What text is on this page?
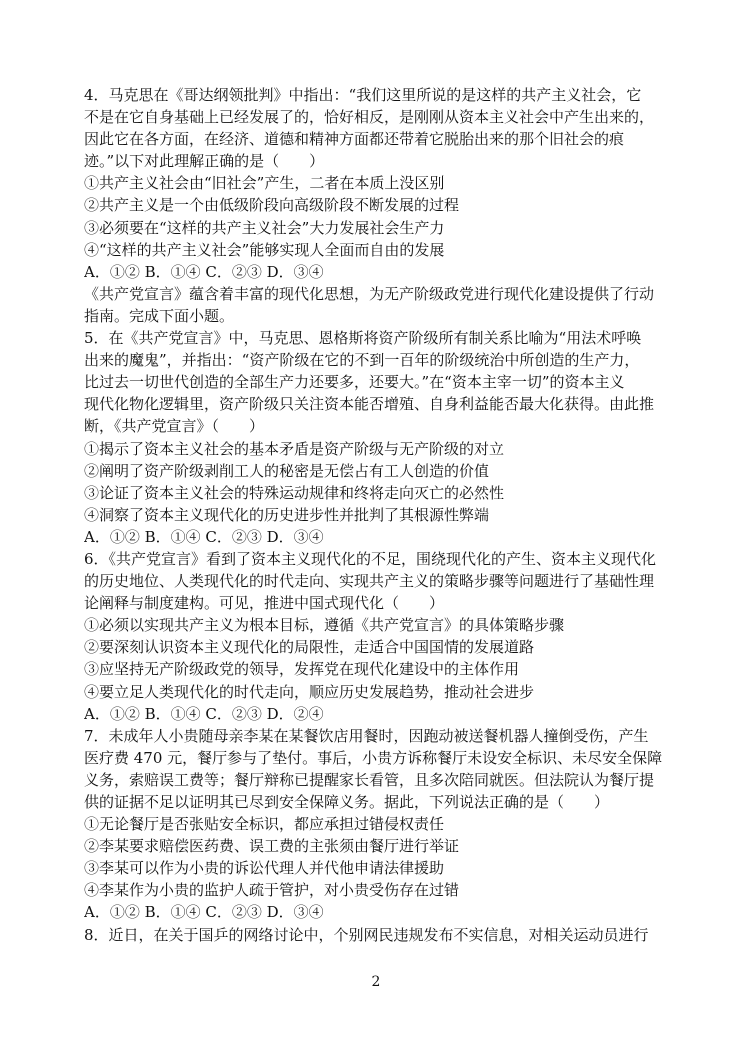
4．马克思在《哥达纲领批判》中指出：“我们这里所说的是这样的共产主义社会，它
不是在它自身基础上已经发展了的，恰好相反，是刚刚从资本主义社会中产生出来的，
因此它在各方面，在经济、道德和精神方面都还带着它脱胎出来的那个旧社会的痕
迹。”以下对此理解正确的是（　　）
①共产主义社会由“旧社会”产生，二者在本质上没区别
②共产主义是一个由低级阶段向高级阶段不断发展的过程
③必须要在“这样的共产主义社会”大力发展社会生产力
④“这样的共产主义社会”能够实现人全面而自由的发展
A．①② B．①④ C．②③ D．③④
《共产党宣言》蕴含着丰富的现代化思想，为无产阶级政党进行现代化建设提供了行动
指南。完成下面小题。
5．在《共产党宣言》中，马克思、恩格斯将资产阶级所有制关系比喻为“用法术呼唤
出来的魔鬼”，并指出：“资产阶级在它的不到一百年的阶级统治中所创造的生产力，
比过去一切世代创造的全部生产力还要多，还要大。”在“资本主宰一切”的资本主义
现代化物化逻辑里，资产阶级只关注资本能否增殖、自身利益能否最大化获得。由此推
断，《共产党宣言》（　　）
①揭示了资本主义社会的基本矛盾是资产阶级与无产阶级的对立
②阐明了资产阶级剥削工人的秘密是无偿占有工人创造的价值
③论证了资本主义社会的特殊运动规律和终将走向灭亡的必然性
④洞察了资本主义现代化的历史进步性并批判了其根源性弊端
A．①② B．①④ C．②③ D．③④
6．《共产党宣言》看到了资本主义现代化的不足，围绕现代化的产生、资本主义现代化
的历史地位、人类现代化的时代走向、实现共产主义的策略步骤等问题进行了基础性理
论阐释与制度建构。可见，推进中国式现代化（　　）
①必须以实现共产主义为根本目标，遵循《共产党宣言》的具体策略步骤
②要深刻认识资本主义现代化的局限性，走适合中国国情的发展道路
③应坚持无产阶级政党的领导，发挥党在现代化建设中的主体作用
④要立足人类现代化的时代走向，顺应历史发展趋势，推动社会进步
A．①② B．①④ C．②③ D．②④
7．未成年人小贵随母亲李某在某餐饮店用餐时，因跑动被送餐机器人撞倒受伤，产生
医疗费 470 元，餐厅参与了垫付。事后，小贵方诉称餐厅未设安全标识、未尽安全保障
义务，索赔误工费等；餐厅辩称已提醒家长看管，且多次陪同就医。但法院认为餐厅提
供的证据不足以证明其已尽到安全保障义务。据此，下列说法正确的是（　　）
①无论餐厅是否张贴安全标识，都应承担过错侵权责任
②李某要求赔偿医药费、误工费的主张须由餐厅进行举证
③李某可以作为小贵的诉讼代理人并代他申请法律援助
④李某作为小贵的监护人疏于管护，对小贵受伤存在过错
A．①② B．①④ C．②③ D．③④
8．近日，在关于国乒的网络讨论中，个别网民违规发布不实信息，对相关运动员进行
2
